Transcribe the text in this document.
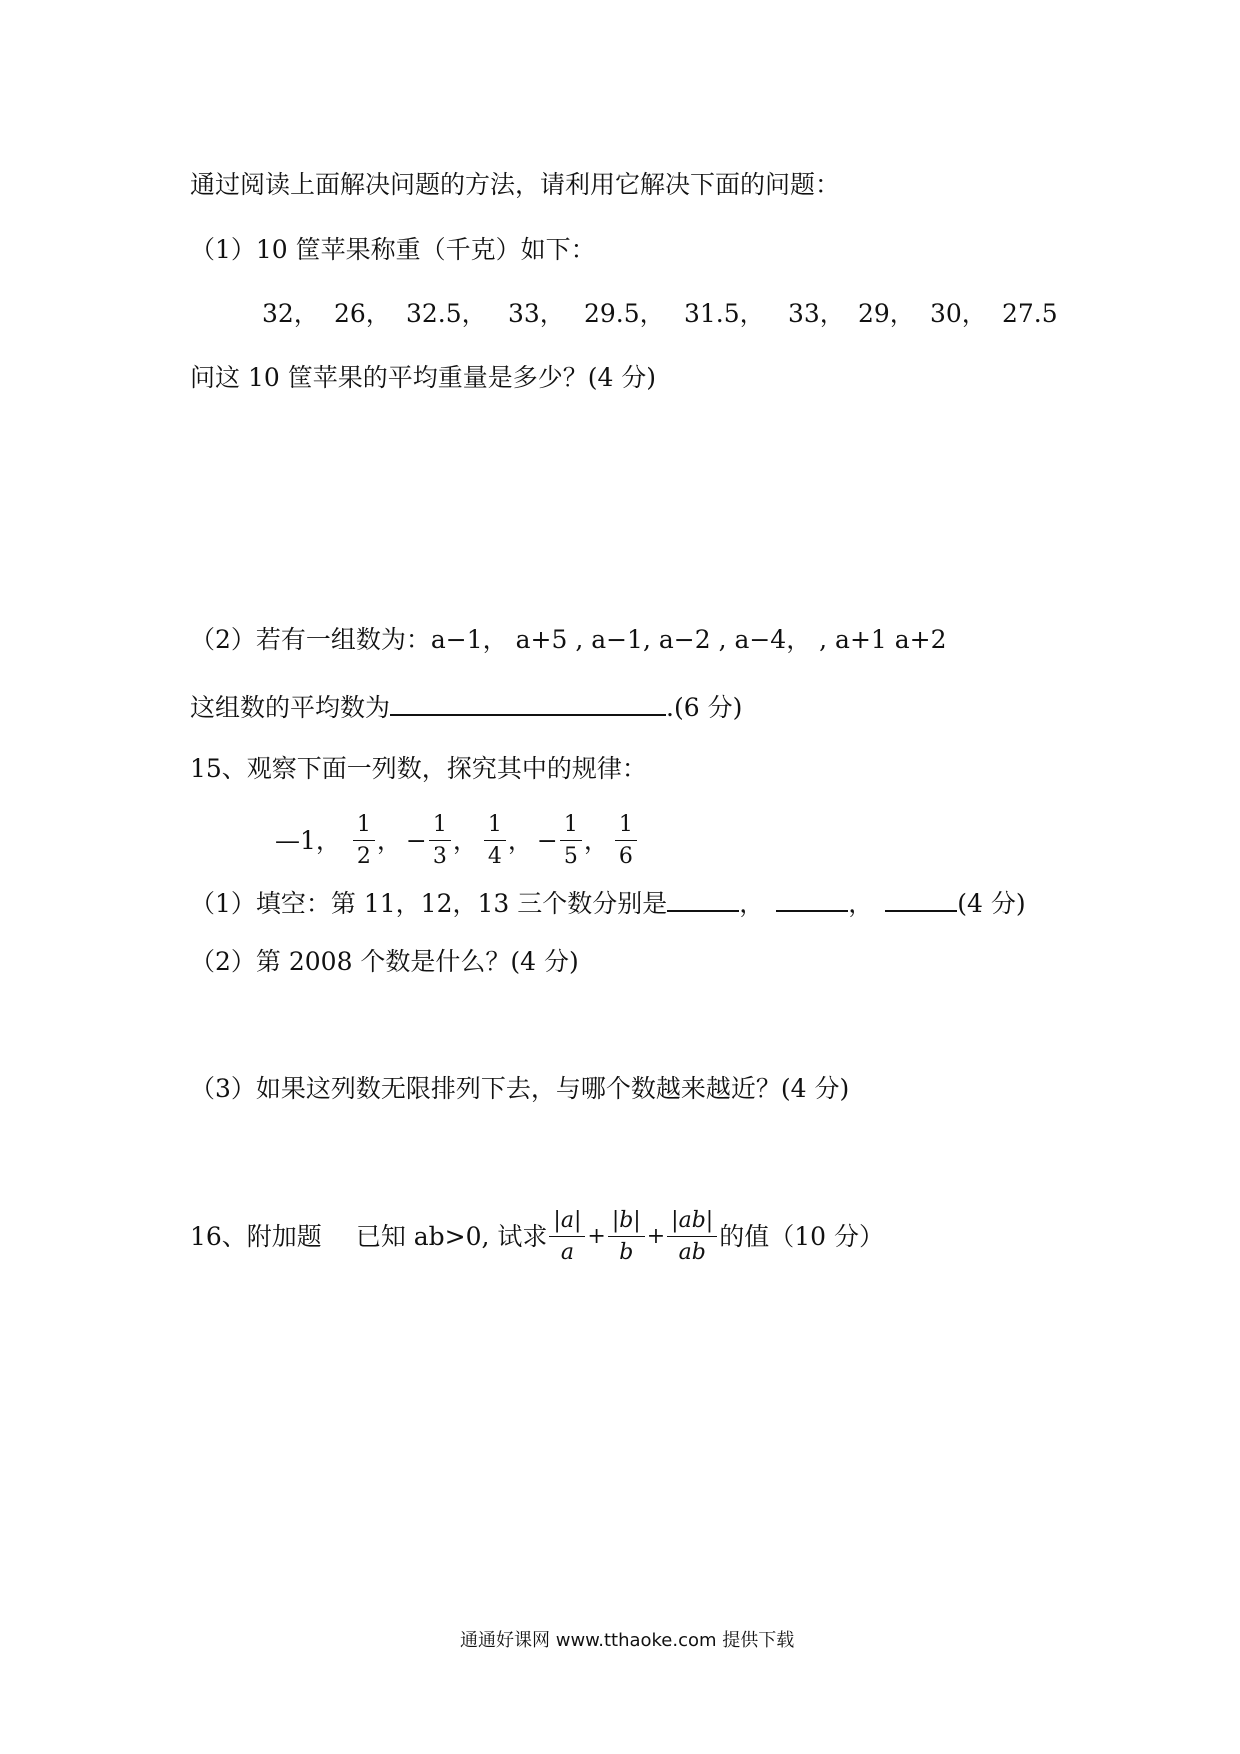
通过阅读上面解决问题的方法，请利用它解决下面的问题：
（1）10 筐苹果称重（千克）如下：
32， 26， 32.5， 33， 29.5， 31.5， 33， 29， 30， 27.5
问这 10 筐苹果的平均重量是多少？(4 分)
（2）若有一组数为：a−1， a+5 , a−1, a−2 , a−4， , a+1 a+2
这组数的平均数为	.(6 分)
15、观察下面一列数，探究其中的规律：
—1， $\frac{1}{2}$ ， − $\frac{1}{3}$ ， $\frac{1}{4}$ ， − $\frac{1}{5}$ ， $\frac{1}{6}$
（1）填空：第 11，12，13 三个数分别是	，	，	(4 分)
（2）第 2008 个数是什么？(4 分)
（3）如果这列数无限排列下去，与哪个数越来越近？(4 分)
16、附加题 已知 ab>0, 试求 $\frac{|a|}{a} + \frac{|b|}{b} + \frac{|ab|}{ab}$ 的值（10 分）
通通好课网 www.tthaoke.com 提供下载
